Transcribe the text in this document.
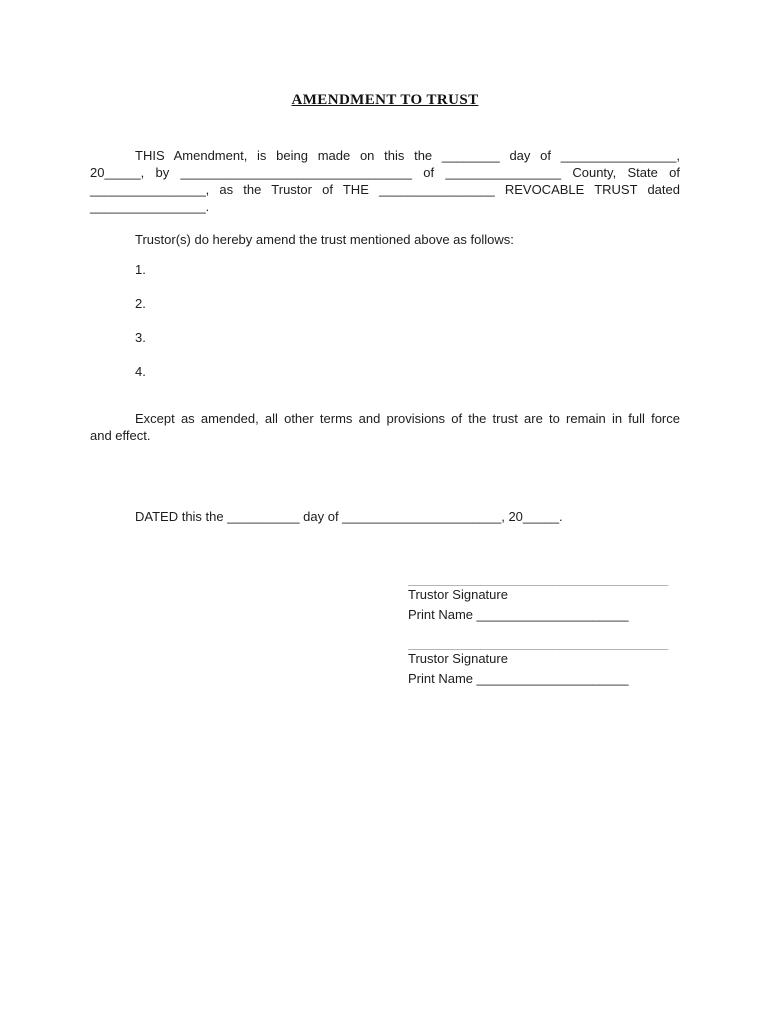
AMENDMENT TO TRUST
THIS Amendment, is being made on this the ________ day of ________________,
20_____, by ________________________________ of ________________ County, State of
________________, as the Trustor of THE ________________ REVOCABLE TRUST dated
________________.
Trustor(s) do hereby amend the trust mentioned above as follows:
1.
2.
3.
4.
Except as amended, all other terms and provisions of the trust are to remain in full force
and effect.
DATED this the __________ day of ______________________, 20_____.
____________________________________
Trustor Signature
Print Name _____________________
____________________________________
Trustor Signature
Print Name _____________________
